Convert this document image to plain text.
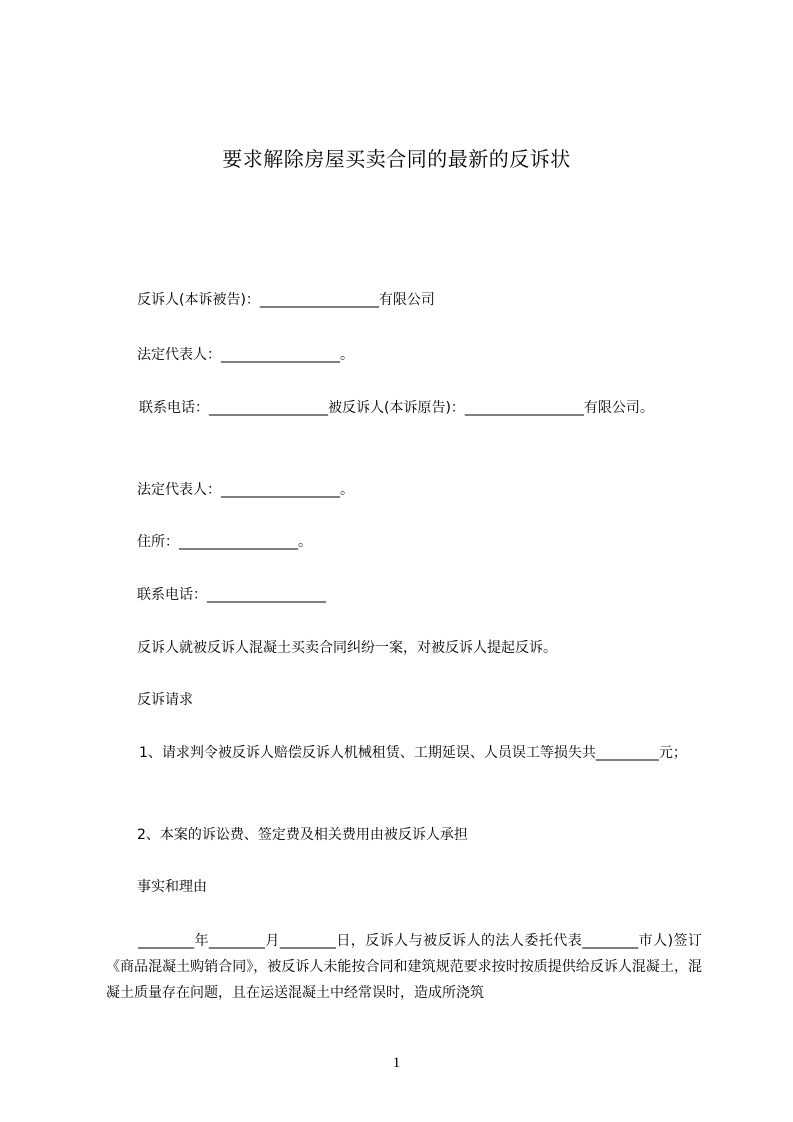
要求解除房屋买卖合同的最新的反诉状
反诉人(本诉被告)：_________________有限公司
法定代表人：_________________。
联系电话：_________________被反诉人(本诉原告)：_________________有限公司。
法定代表人：_________________。
住所：_________________。
联系电话：_________________
反诉人就被反诉人混凝土买卖合同纠纷一案，对被反诉人提起反诉。
反诉请求
1、请求判令被反诉人赔偿反诉人机械租赁、工期延误、人员误工等损失共_________元；
2、本案的诉讼费、签定费及相关费用由被反诉人承担
事实和理由
________年________月________日，反诉人与被反诉人的法人委托代表________市人)签订《商品混凝土购销合同》，被反诉人未能按合同和建筑规范要求按时按质提供给反诉人混凝土，混凝土质量存在问题，且在运送混凝土中经常误时，造成所浇筑
1
